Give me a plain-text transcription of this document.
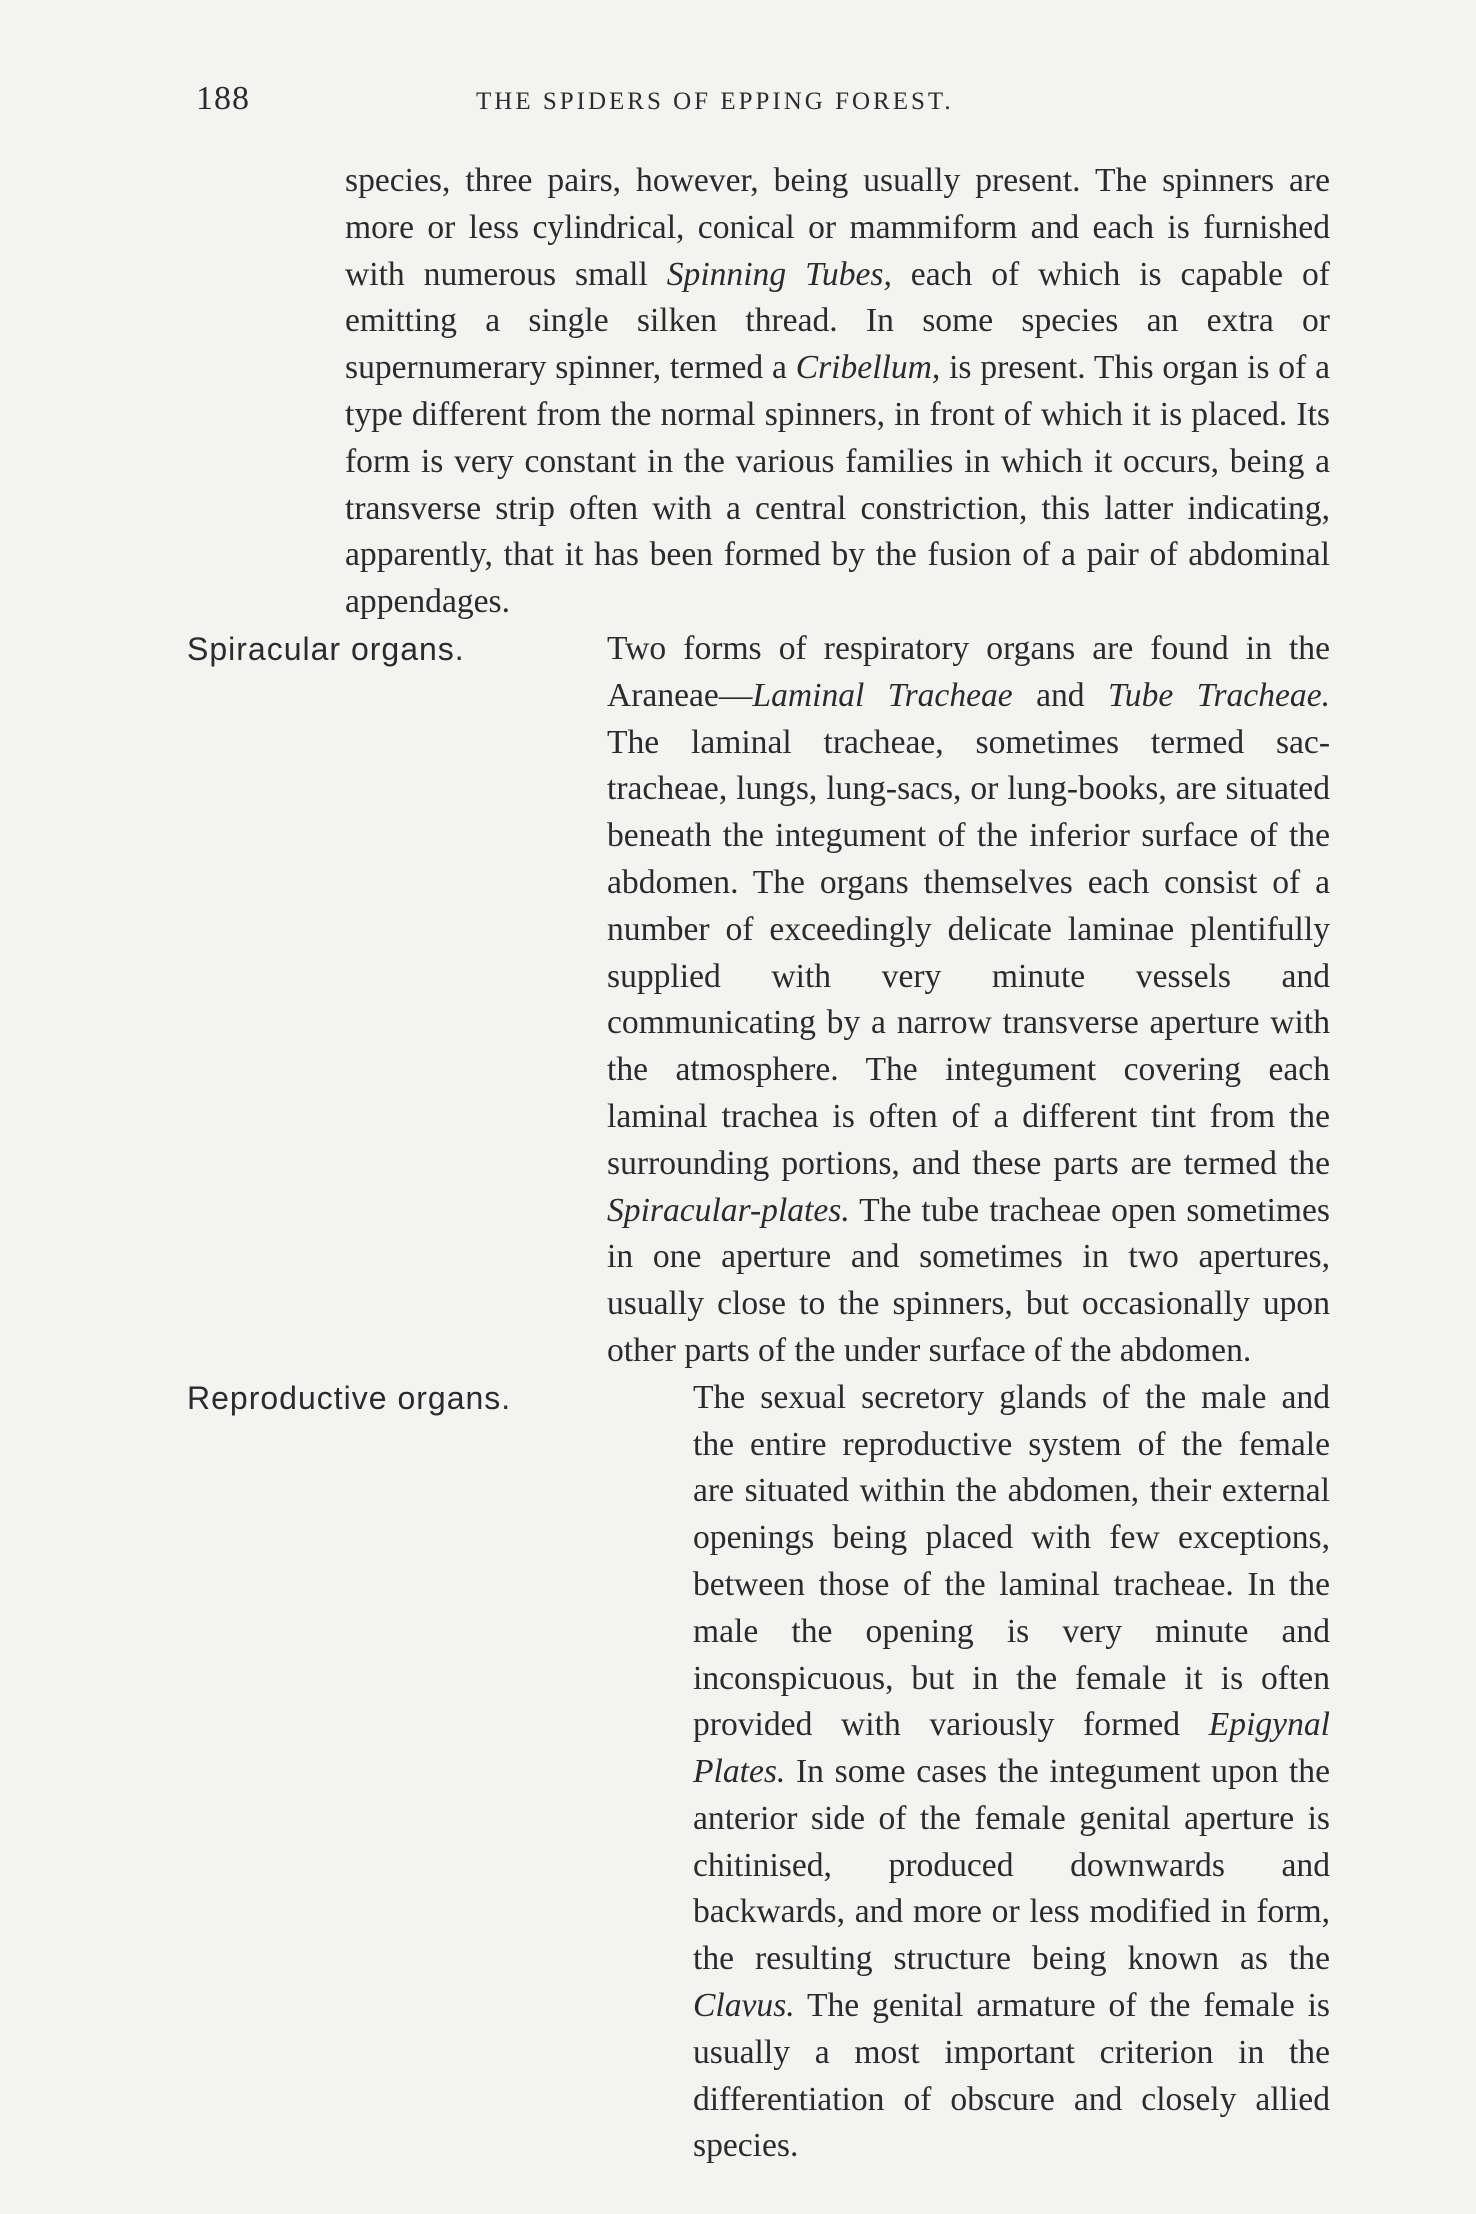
188	THE SPIDERS OF EPPING FOREST.

species, three pairs, however, being usually present. The spinners are more or less cylindrical, conical or mammiform and each is furnished with numerous small Spinning Tubes, each of which is capable of emitting a single silken thread. In some species an extra or supernumerary spinner, termed a Cribellum, is present. This organ is of a type different from the normal spinners, in front of which it is placed. Its form is very constant in the various families in which it occurs, being a transverse strip often with a central constriction, this latter indicating, apparently, that it has been formed by the fusion of a pair of abdominal appendages.

Spiracular organs.	Two forms of respiratory organs are found in the Araneae—Laminal Tracheae and Tube Tracheae. The laminal tracheae, sometimes termed sac-tracheae, lungs, lung-sacs, or lung-books, are situated beneath the integument of the inferior surface of the abdomen. The organs themselves each consist of a number of exceedingly delicate laminae plentifully supplied with very minute vessels and communicating by a narrow transverse aperture with the atmosphere. The integument covering each laminal trachea is often of a different tint from the surrounding portions, and these parts are termed the Spiracular-plates. The tube tracheae open sometimes in one aperture and sometimes in two apertures, usually close to the spinners, but occasionally upon other parts of the under surface of the abdomen.

Reproductive organs.	The sexual secretory glands of the male and the entire reproductive system of the female are situated within the abdomen, their external openings being placed with few exceptions, between those of the laminal tracheae. In the male the opening is very minute and inconspicuous, but in the female it is often provided with variously formed Epigynal Plates. In some cases the integument upon the anterior side of the female genital aperture is chitinised, produced downwards and backwards, and more or less modified in form, the resulting structure being known as the Clavus. The genital armature of the female is usually a most important criterion in the differentiation of obscure and closely allied species.
